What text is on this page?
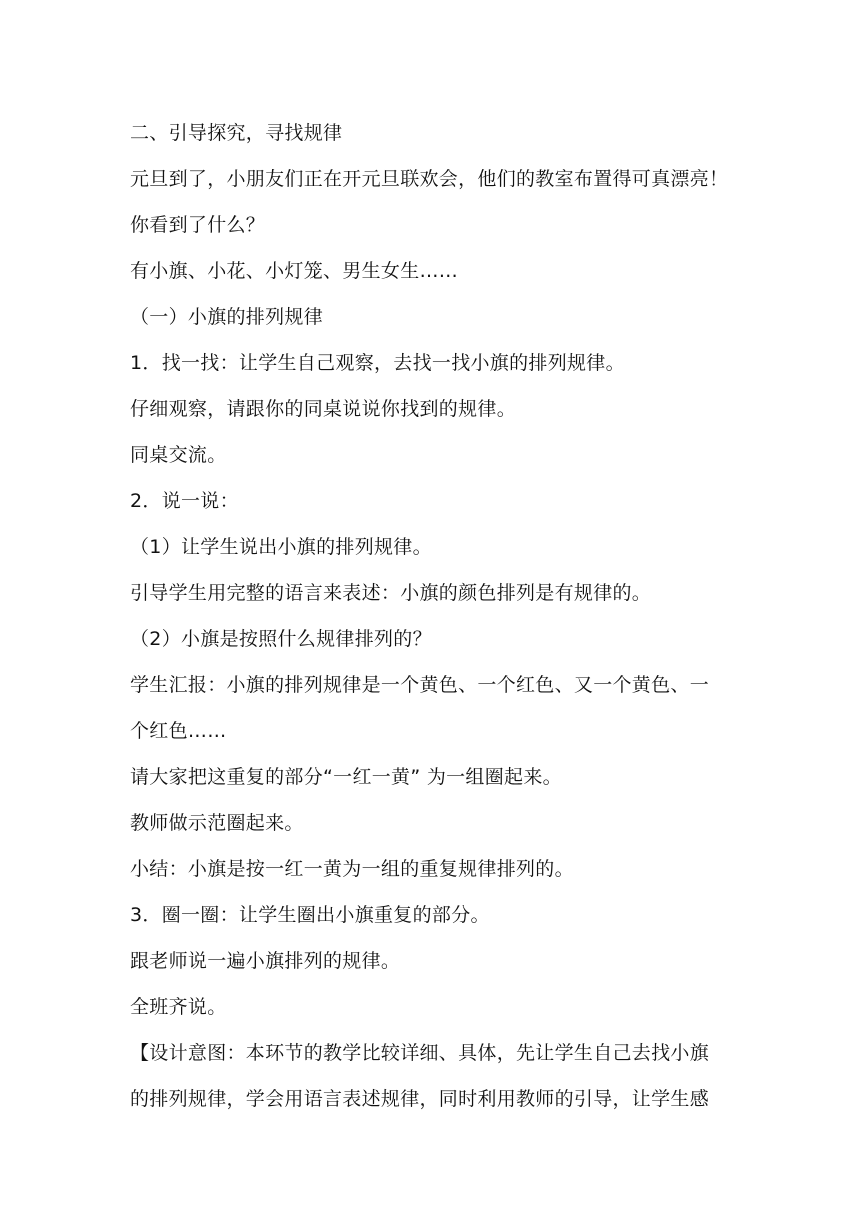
二、引导探究，寻找规律
元旦到了，小朋友们正在开元旦联欢会，他们的教室布置得可真漂亮！
你看到了什么？
有小旗、小花、小灯笼、男生女生……
（一）小旗的排列规律
1．找一找：让学生自己观察，去找一找小旗的排列规律。
仔细观察，请跟你的同桌说说你找到的规律。
同桌交流。
2．说一说：
（1）让学生说出小旗的排列规律。
引导学生用完整的语言来表述：小旗的颜色排列是有规律的。
（2）小旗是按照什么规律排列的？
学生汇报：小旗的排列规律是一个黄色、一个红色、又一个黄色、一
个红色……
请大家把这重复的部分“一红一黄” 为一组圈起来。
教师做示范圈起来。
小结：小旗是按一红一黄为一组的重复规律排列的。
3．圈一圈：让学生圈出小旗重复的部分。
跟老师说一遍小旗排列的规律。
全班齐说。
【设计意图：本环节的教学比较详细、具体，先让学生自己去找小旗
的排列规律，学会用语言表述规律，同时利用教师的引导，让学生感
